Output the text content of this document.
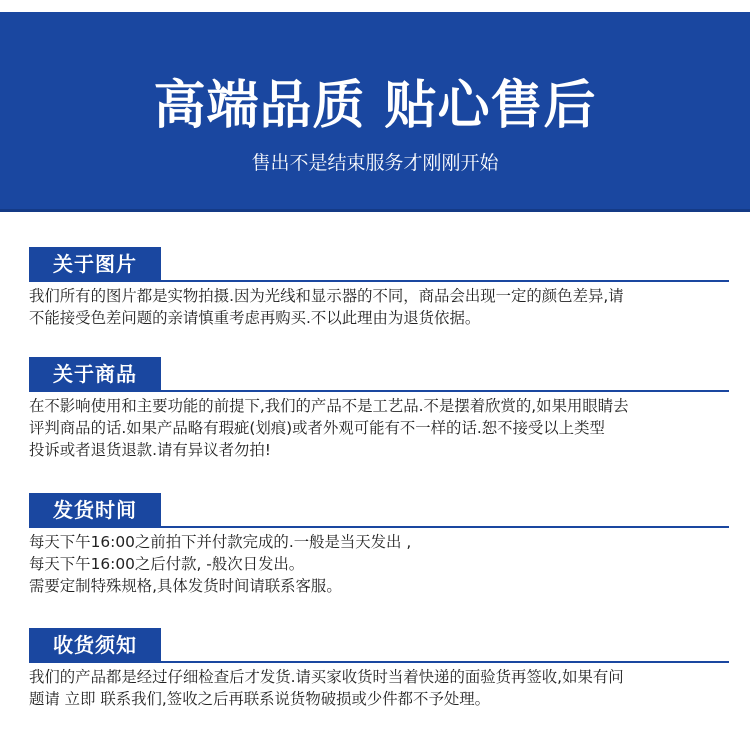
高端品质 贴心售后
售出不是结束服务才刚刚开始
关于图片
我们所有的图片都是实物拍摄.因为光线和显示器的不同，商品会出现一定的颜色差异,请
不能接受色差问题的亲请慎重考虑再购买.不以此理由为退货依据。
关于商品
在不影响使用和主要功能的前提下,我们的产品不是工艺品.不是摆着欣赏的,如果用眼睛去
评判商品的话.如果产品略有瑕疵(划痕)或者外观可能有不一样的话.恕不接受以上类型
投诉或者退货退款.请有异议者勿拍!
发货时间
每天下午16:00之前拍下并付款完成的.一般是当天发出 ,
每天下午16:00之后付款, -般次日发出。
需要定制特殊规格,具体发货时间请联系客服。
收货须知
我们的产品都是经过仔细检查后才发货.请买家收货时当着快递的面验货再签收,如果有问
题请 立即 联系我们,签收之后再联系说货物破损或少件都不予处理。
